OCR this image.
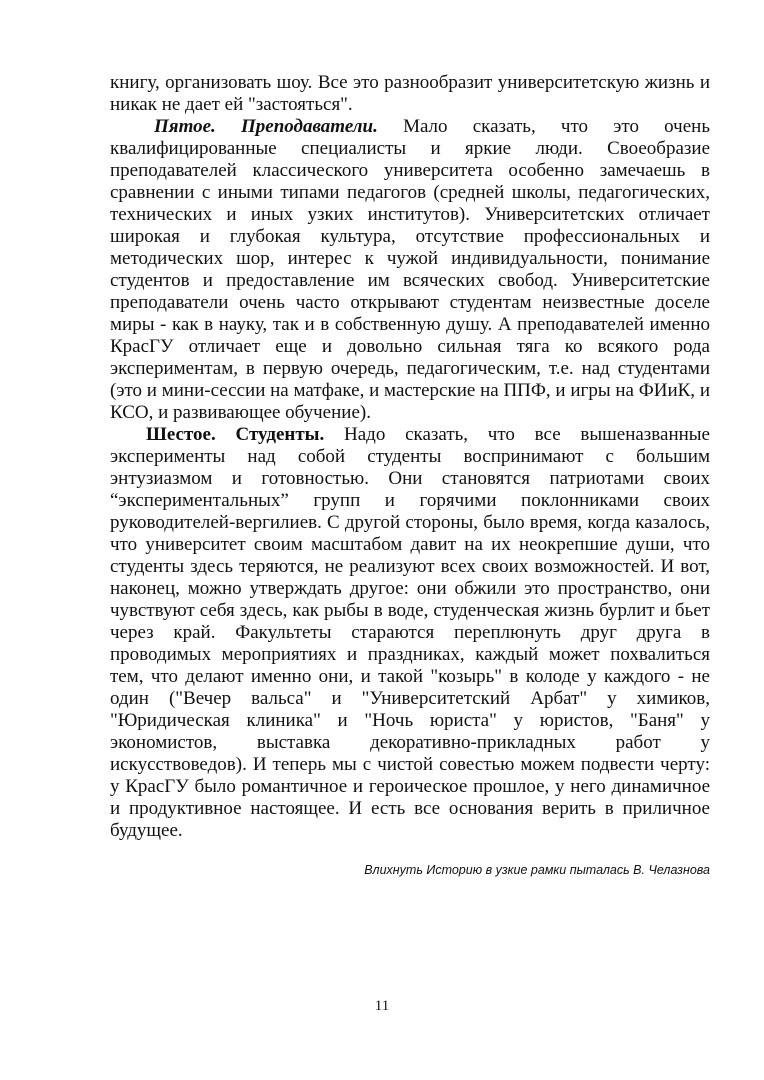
книгу, организовать шоу. Все это разнообразит университетскую жизнь и никак не дает ей "застояться".

Пятое. Преподаватели. Мало сказать, что это очень квалифицированные специалисты и яркие люди. Своеобразие преподавателей классического университета особенно замечаешь в сравнении с иными типами педагогов (средней школы, педагогических, технических и иных узких институтов). Университетских отличает широкая и глубокая культура, отсутствие профессиональных и методических шор, интерес к чужой индивидуальности, понимание студентов и предоставление им всяческих свобод. Университетские преподаватели очень часто открывают студентам неизвестные доселе миры - как в науку, так и в собственную душу. А преподавателей именно КрасГУ отличает еще и довольно сильная тяга ко всякого рода экспериментам, в первую очередь, педагогическим, т.е. над студентами (это и мини-сессии на матфаке, и мастерские на ППФ, и игры на ФИиК, и КСО, и развивающее обучение).

Шестое. Студенты. Надо сказать, что все вышеназванные эксперименты над собой студенты воспринимают с большим энтузиазмом и готовностью. Они становятся патриотами своих “экспериментальных” групп и горячими поклонниками своих руководителей-вергилиев. С другой стороны, было время, когда казалось, что университет своим масштабом давит на их неокрепшие души, что студенты здесь теряются, не реализуют всех своих возможностей. И вот, наконец, можно утверждать другое: они обжили это пространство, они чувствуют себя здесь, как рыбы в воде, студенческая жизнь бурлит и бьет через край. Факультеты стараются переплюнуть друг друга в проводимых мероприятиях и праздниках, каждый может похвалиться тем, что делают именно они, и такой "козырь" в колоде у каждого - не один ("Вечер вальса" и "Университетский Арбат" у химиков, "Юридическая клиника" и "Ночь юриста" у юристов, "Баня" у экономистов, выставка декоративно-прикладных работ у искусствоведов). И теперь мы с чистой совестью можем подвести черту: у КрасГУ было романтичное и героическое прошлое, у него динамичное и продуктивное настоящее. И есть все основания верить в приличное будущее.

Влихнуть Историю в узкие рамки пыталась В. Челазнова
11
